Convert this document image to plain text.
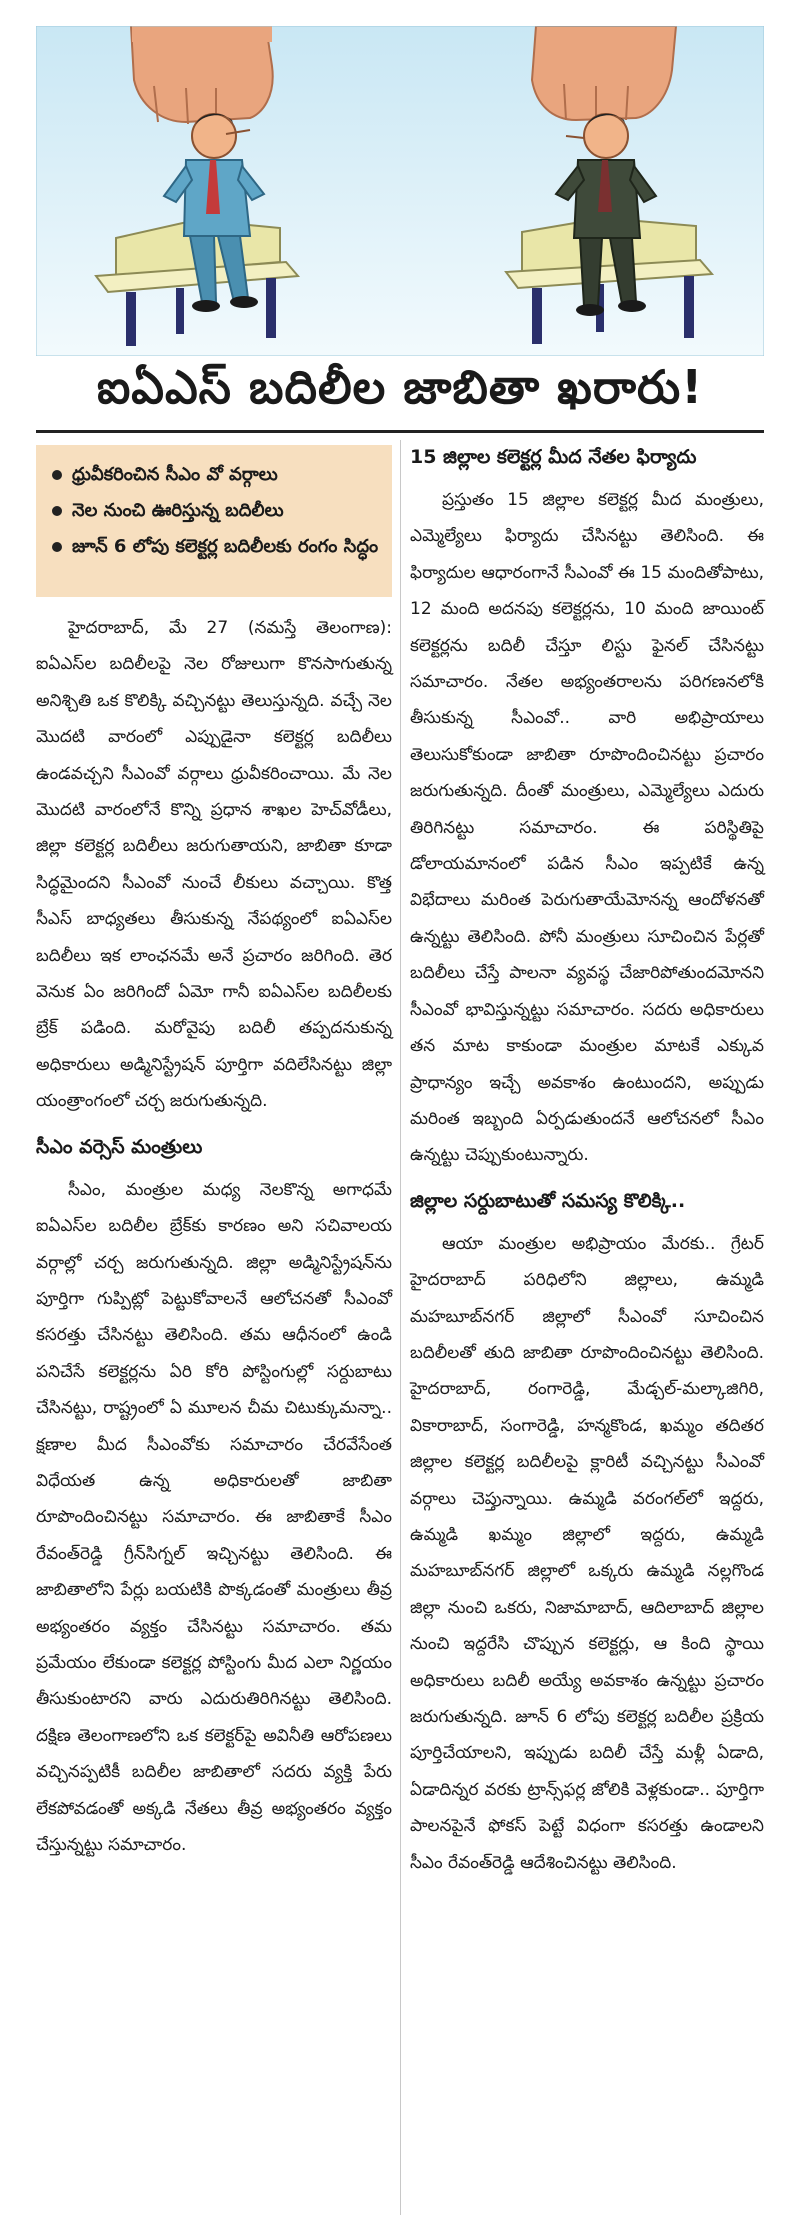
ఐఏఎస్ బదిలీల జాబితా ఖరారు!
ధ్రువీకరించిన సీఎం వో వర్గాలు
నెల నుంచి ఊరిస్తున్న బదిలీలు
జూన్ 6 లోపు కలెక్టర్ల బదిలీలకు రంగం సిద్ధం

హైదరాబాద్, మే 27 (నమస్తే తెలంగాణ): ఐఏఎస్‌ల బదిలీలపై నెల రోజులుగా కొనసాగుతున్న అనిశ్చితి ఒక కొలిక్కి వచ్చినట్టు తెలుస్తున్నది. వచ్చే నెల మొదటి వారంలో ఎప్పుడైనా కలెక్టర్ల బదిలీలు ఉండవచ్చని సీఎంవో వర్గాలు ధ్రువీకరించాయి. మే నెల మొదటి వారంలోనే కొన్ని ప్రధాన శాఖల హెచ్‌వోడీలు, జిల్లా కలెక్టర్ల బదిలీలు జరుగుతాయని, జాబితా కూడా సిద్ధమైందని సీఎంవో నుంచే లీకులు వచ్చాయి. కొత్త సీఎస్ బాధ్యతలు తీసుకున్న నేపథ్యంలో ఐఏఎస్‌ల బదిలీలు ఇక లాంఛనమే అనే ప్రచారం జరిగింది. తెర వెనుక ఏం జరిగిందో ఏమో గానీ ఐఏఎస్‌ల బదిలీలకు బ్రేక్ పడింది. మరోవైపు బదిలీ తప్పదనుకున్న అధికారులు అడ్మినిస్ట్రేషన్ పూర్తిగా వదిలేసినట్టు జిల్లా యంత్రాంగంలో చర్చ జరుగుతున్నది.

సీఎం వర్సెస్ మంత్రులు

సీఎం, మంత్రుల మధ్య నెలకొన్న అగాధమే ఐఏఎస్‌ల బదిలీల బ్రేక్‌కు కారణం అని సచివాలయ వర్గాల్లో చర్చ జరుగుతున్నది. జిల్లా అడ్మినిస్ట్రేషన్‌ను పూర్తిగా గుప్పిట్లో పెట్టుకోవాలనే ఆలోచనతో సీఎంవో కసరత్తు చేసినట్టు తెలిసింది. తమ ఆధీనంలో ఉండి పనిచేసే కలెక్టర్లను ఏరి కోరి పోస్టింగుల్లో సర్దుబాటు చేసినట్టు, రాష్ట్రంలో ఏ మూలన చీమ చిటుక్కుమన్నా.. క్షణాల మీద సీఎంవోకు సమాచారం చేరవేసేంత విధేయత ఉన్న అధికారులతో జాబితా రూపొందించినట్టు సమాచారం. ఈ జాబితాకే సీఎం రేవంత్‌రెడ్డి గ్రీన్‌సిగ్నల్ ఇచ్చినట్టు తెలిసింది. ఈ జాబితాలోని పేర్లు బయటికి పొక్కడంతో మంత్రులు తీవ్ర అభ్యంతరం వ్యక్తం చేసినట్టు సమాచారం. తమ ప్రమేయం లేకుండా కలెక్టర్ల పోస్టింగు మీద ఎలా నిర్ణయం తీసుకుంటారని వారు ఎదురుతిరిగినట్టు తెలిసింది. దక్షిణ తెలంగాణలోని ఒక కలెక్టర్‌పై అవినీతి ఆరోపణలు వచ్చినప్పటికీ బదిలీల జాబితాలో సదరు వ్యక్తి పేరు లేకపోవడంతో అక్కడి నేతలు తీవ్ర అభ్యంతరం వ్యక్తం చేస్తున్నట్టు సమాచారం.

15 జిల్లాల కలెక్టర్ల మీద నేతల ఫిర్యాదు

ప్రస్తుతం 15 జిల్లాల కలెక్టర్ల మీద మంత్రులు, ఎమ్మెల్యేలు ఫిర్యాదు చేసినట్టు తెలిసింది. ఈ ఫిర్యాదుల ఆధారంగానే సీఎంవో ఈ 15 మందితోపాటు, 12 మంది అదనపు కలెక్టర్లను, 10 మంది జాయింట్ కలెక్టర్లను బదిలీ చేస్తూ లిస్టు ఫైనల్ చేసినట్టు సమాచారం. నేతల అభ్యంతరాలను పరిగణనలోకి తీసుకున్న సీఎంవో.. వారి అభిప్రాయాలు తెలుసుకోకుండా జాబితా రూపొందించినట్టు ప్రచారం జరుగుతున్నది. దీంతో మంత్రులు, ఎమ్మెల్యేలు ఎదురు తిరిగినట్టు సమాచారం. ఈ పరిస్థితిపై డోలాయమానంలో పడిన సీఎం ఇప్పటికే ఉన్న విభేదాలు మరింత పెరుగుతాయేమోనన్న ఆందోళనతో ఉన్నట్టు తెలిసింది. పోనీ మంత్రులు సూచించిన పేర్లతో బదిలీలు చేస్తే పాలనా వ్యవస్థ చేజారిపోతుందమోనని సీఎంవో భావిస్తున్నట్టు సమాచారం. సదరు అధికారులు తన మాట కాకుండా మంత్రుల మాటకే ఎక్కువ ప్రాధాన్యం ఇచ్చే అవకాశం ఉంటుందని, అప్పుడు మరింత ఇబ్బంది ఏర్పడుతుందనే ఆలోచనలో సీఎం ఉన్నట్టు చెప్పుకుంటున్నారు.

జిల్లాల సర్దుబాటుతో సమస్య కొలిక్కి..

ఆయా మంత్రుల అభిప్రాయం మేరకు.. గ్రేటర్ హైదరాబాద్ పరిధిలోని జిల్లాలు, ఉమ్మడి మహబూబ్‌నగర్ జిల్లాలో సీఎంవో సూచించిన బదిలీలతో తుది జాబితా రూపొందించినట్టు తెలిసింది. హైదరాబాద్, రంగారెడ్డి, మేడ్చల్-మల్కాజిగిరి, వికారాబాద్, సంగారెడ్డి, హన్మకొండ, ఖమ్మం తదితర జిల్లాల కలెక్టర్ల బదిలీలపై క్లారిటీ వచ్చినట్టు సీఎంవో వర్గాలు చెప్తున్నాయి. ఉమ్మడి వరంగల్‌లో ఇద్దరు, ఉమ్మడి ఖమ్మం జిల్లాలో ఇద్దరు, ఉమ్మడి మహబూబ్‌నగర్ జిల్లాలో ఒక్కరు ఉమ్మడి నల్లగొండ జిల్లా నుంచి ఒకరు, నిజామాబాద్, ఆదిలాబాద్ జిల్లాల నుంచి ఇద్దరేసి చొప్పున కలెక్టర్లు, ఆ కింది స్థాయి అధికారులు బదిలీ అయ్యే అవకాశం ఉన్నట్టు ప్రచారం జరుగుతున్నది. జూన్ 6 లోపు కలెక్టర్ల బదిలీల ప్రక్రియ పూర్తిచేయాలని, ఇప్పుడు బదిలీ చేస్తే మళ్లీ ఏడాది, ఏడాదిన్నర వరకు ట్రాన్స్‌ఫర్ల జోలికి వెళ్లకుండా.. పూర్తిగా పాలనపైనే ఫోకస్ పెట్టే విధంగా కసరత్తు ఉండాలని సీఎం రేవంత్‌రెడ్డి ఆదేశించినట్టు తెలిసింది.
